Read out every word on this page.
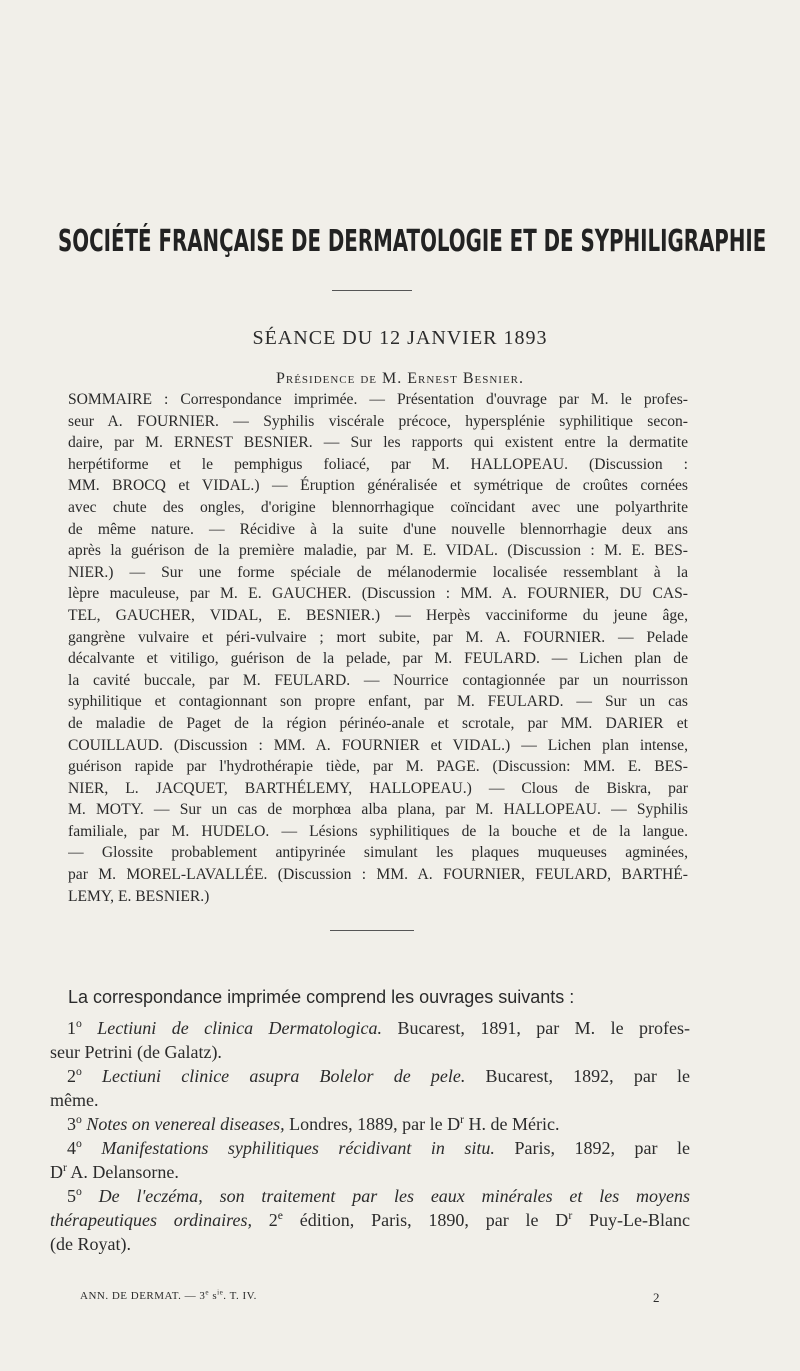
SOCIÉTÉ FRANÇAISE DE DERMATOLOGIE ET DE SYPHILIGRAPHIE
SÉANCE DU 12 JANVIER 1893
Présidence de M. Ernest Besnier.
SOMMAIRE : Correspondance imprimée. — Présentation d'ouvrage par M. le profes-
seur A. FOURNIER. — Syphilis viscérale précoce, hypersplénie syphilitique secon-
daire, par M. ERNEST BESNIER. — Sur les rapports qui existent entre la dermatite
herpétiforme et le pemphigus foliacé, par M. HALLOPEAU. (Discussion :
MM. BROCQ et VIDAL.) — Éruption généralisée et symétrique de croûtes cornées
avec chute des ongles, d'origine blennorrhagique coïncidant avec une polyarthrite
de même nature. — Récidive à la suite d'une nouvelle blennorrhagie deux ans
après la guérison de la première maladie, par M. E. VIDAL. (Discussion : M. E. BES-
NIER.) — Sur une forme spéciale de mélanodermie localisée ressemblant à la
lèpre maculeuse, par M. E. GAUCHER. (Discussion : MM. A. FOURNIER, DU CAS-
TEL, GAUCHER, VIDAL, E. BESNIER.) — Herpès vacciniforme du jeune âge,
gangrène vulvaire et péri-vulvaire ; mort subite, par M. A. FOURNIER. — Pelade
décalvante et vitiligo, guérison de la pelade, par M. FEULARD. — Lichen plan de
la cavité buccale, par M. FEULARD. — Nourrice contagionnée par un nourrisson
syphilitique et contagionnant son propre enfant, par M. FEULARD. — Sur un cas
de maladie de Paget de la région périnéo-anale et scrotale, par MM. DARIER et
COUILLAUD. (Discussion : MM. A. FOURNIER et VIDAL.) — Lichen plan intense,
guérison rapide par l'hydrothérapie tiède, par M. PAGE. (Discussion: MM. E. BES-
NIER, L. JACQUET, BARTHÉLEMY, HALLOPEAU.) — Clous de Biskra, par
M. MOTY. — Sur un cas de morphœa alba plana, par M. HALLOPEAU. — Syphilis
familiale, par M. HUDELO. — Lésions syphilitiques de la bouche et de la langue.
— Glossite probablement antipyrinée simulant les plaques muqueuses agminées,
par M. MOREL-LAVALLÉE. (Discussion : MM. A. FOURNIER, FEULARD, BARTHÉ-
LEMY, E. BESNIER.)
La correspondance imprimée comprend les ouvrages suivants :
1$^o$ Lectiuni de clinica Dermatologica. Bucarest, 1891, par M. le profes-
seur Petrini (de Galatz).
2$^o$ Lectiuni clinice asupra Bolelor de pele. Bucarest, 1892, par le
même.
3$^o$ Notes on venereal diseases, Londres, 1889, par le $D^r$ H. de Méric.
4$^o$ Manifestations syphilitiques récidivant in situ. Paris, 1892, par le
$D^r$ A. Delansorne.
5$^o$ De l'eczéma, son traitement par les eaux minérales et les moyens
thérapeutiques ordinaires, 2e édition, Paris, 1890, par le $D^r$ Puy-Le-Blanc
(de Royat).
ANN. DE DERMAT. — 3e $s^{ie}$. T. IV.	2
